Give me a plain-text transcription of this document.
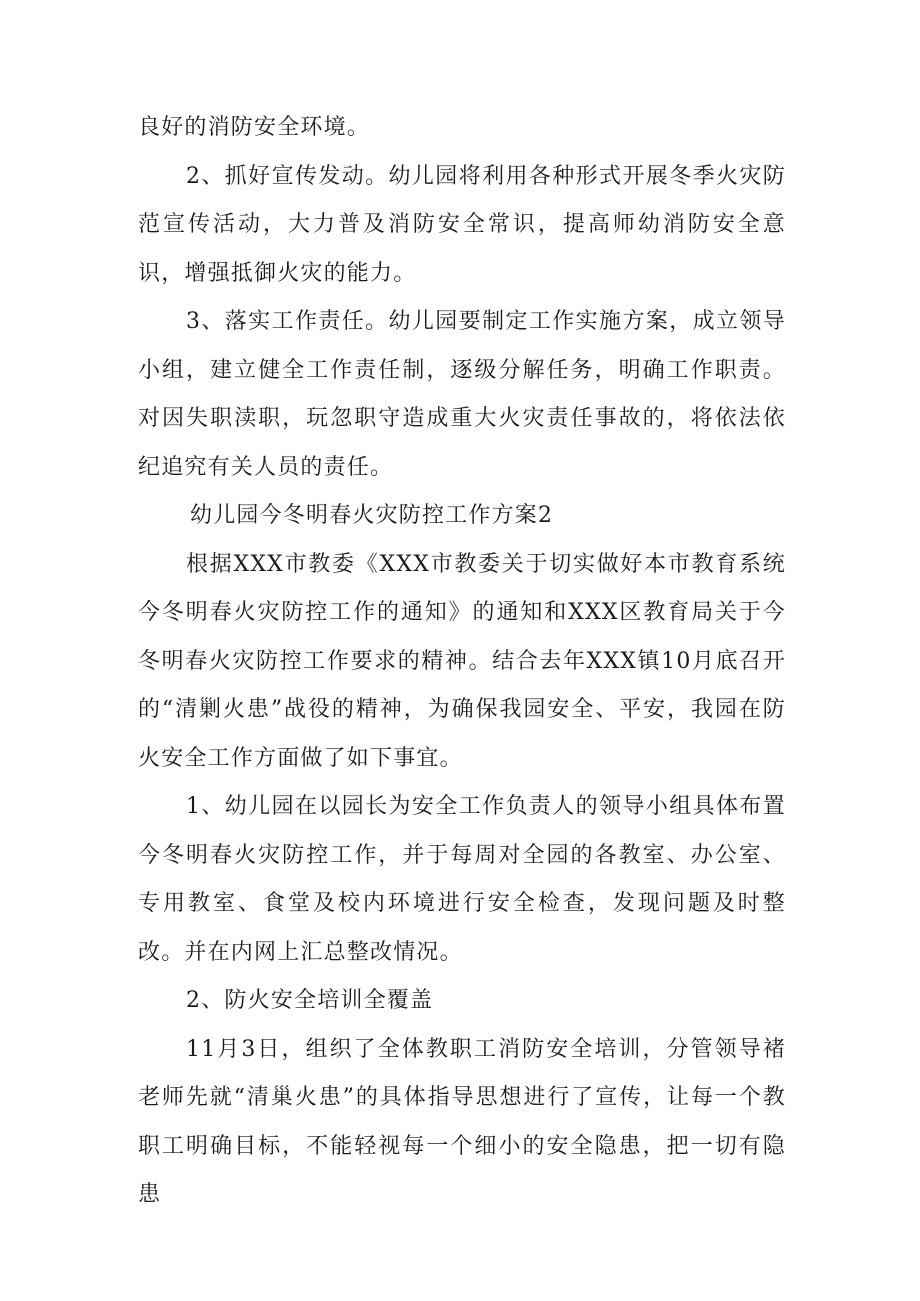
良好的消防安全环境。

2、抓好宣传发动。幼儿园将利用各种形式开展冬季火灾防范宣传活动，大力普及消防安全常识，提高师幼消防安全意识，增强抵御火灾的能力。

3、落实工作责任。幼儿园要制定工作实施方案，成立领导小组，建立健全工作责任制，逐级分解任务，明确工作职责。对因失职渎职，玩忽职守造成重大火灾责任事故的，将依法依纪追究有关人员的责任。

幼儿园今冬明春火灾防控工作方案2

根据XXX市教委《XXX市教委关于切实做好本市教育系统今冬明春火灾防控工作的通知》的通知和XXX区教育局关于今冬明春火灾防控工作要求的精神。结合去年XXX镇10月底召开的“清剿火患”战役的精神，为确保我园安全、平安，我园在防火安全工作方面做了如下事宜。

1、幼儿园在以园长为安全工作负责人的领导小组具体布置今冬明春火灾防控工作，并于每周对全园的各教室、办公室、专用教室、食堂及校内环境进行安全检查，发现问题及时整改。并在内网上汇总整改情况。

2、防火安全培训全覆盖

11月3日，组织了全体教职工消防安全培训，分管领导褚老师先就“清巢火患”的具体指导思想进行了宣传，让每一个教职工明确目标，不能轻视每一个细小的安全隐患，把一切有隐患
